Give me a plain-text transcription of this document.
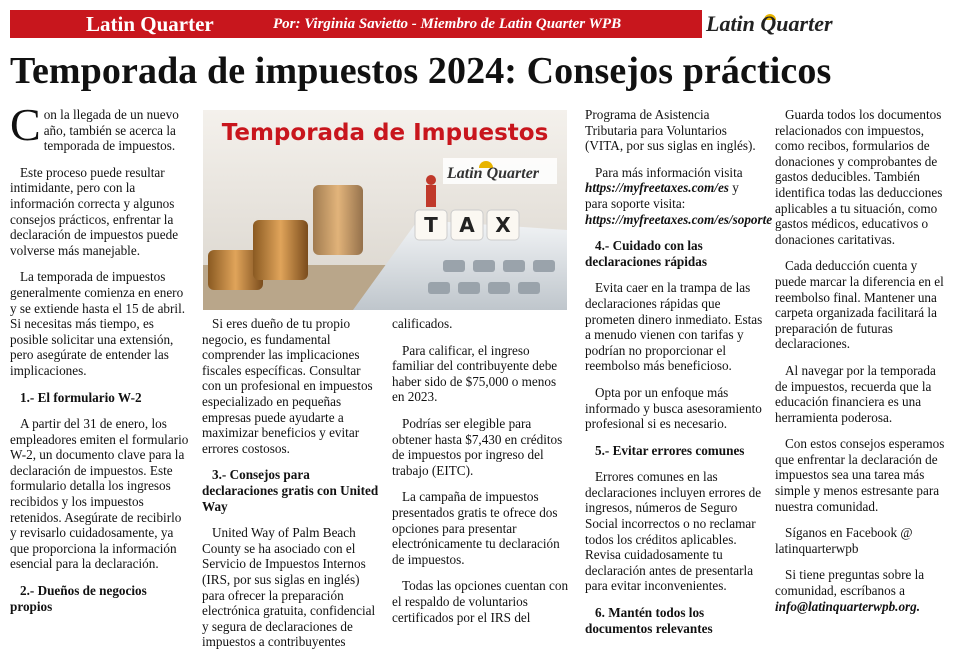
Latin Quarter	Por: Virginia Savietto - Miembro de Latin Quarter WPB	Latin Quarter
Temporada de impuestos 2024: Consejos prácticos

Con la llegada de un nuevo año, también se acerca la temporada de impuestos.

Este proceso puede resultar intimidante, pero con la información correcta y algunos consejos prácticos, enfrentar la declaración de impuestos puede volverse más manejable.

La temporada de impuestos generalmente comienza en enero y se extiende hasta el 15 de abril. Si necesitas más tiempo, es posible solicitar una extensión, pero asegúrate de entender las implicaciones.

1.- El formulario W-2

A partir del 31 de enero, los empleadores emiten el formulario W-2, un documento clave para la declaración de impuestos. Este formulario detalla los ingresos recibidos y los impuestos retenidos. Asegúrate de recibirlo y revisarlo cuidadosamente, ya que proporciona la información esencial para la declaración.

2.- Dueños de negocios propios

T A X
Temporada de Impuestos
Latin Quarter

Si eres dueño de tu propio negocio, es fundamental comprender las implicaciones fiscales específicas. Consultar con un profesional en impuestos especializado en pequeñas empresas puede ayudarte a maximizar beneficios y evitar errores costosos.

3.- Consejos para declaraciones gratis con United Way

United Way of Palm Beach County se ha asociado con el Servicio de Impuestos Internos (IRS, por sus siglas en inglés) para ofrecer la preparación electrónica gratuita, confidencial y segura de declaraciones de impuestos a contribuyentes

calificados.

Para calificar, el ingreso familiar del contribuyente debe haber sido de $75,000 o menos en 2023.

Podrías ser elegible para obtener hasta $7,430 en créditos de impuestos por ingreso del trabajo (EITC).

La campaña de impuestos presentados gratis te ofrece dos opciones para presentar electrónicamente tu declaración de impuestos.

Todas las opciones cuentan con el respaldo de voluntarios certificados por el IRS del

Programa de Asistencia Tributaria para Voluntarios (VITA, por sus siglas en inglés).

Para más información visita https://myfreetaxes.com/es y para soporte visita: https://myfreetaxes.com/es/soporte

4.- Cuidado con las declaraciones rápidas

Evita caer en la trampa de las declaraciones rápidas que prometen dinero inmediato. Estas a menudo vienen con tarifas y podrían no proporcionar el reembolso más beneficioso.

Opta por un enfoque más informado y busca asesoramiento profesional si es necesario.

5.- Evitar errores comunes

Errores comunes en las declaraciones incluyen errores de ingresos, números de Seguro Social incorrectos o no reclamar todos los créditos aplicables. Revisa cuidadosamente tu declaración antes de presentarla para evitar inconvenientes.

6. Mantén todos los documentos relevantes

Guarda todos los documentos relacionados con impuestos, como recibos, formularios de donaciones y comprobantes de gastos deducibles. También identifica todas las deducciones aplicables a tu situación, como gastos médicos, educativos o donaciones caritativas.

Cada deducción cuenta y puede marcar la diferencia en el reembolso final. Mantener una carpeta organizada facilitará la preparación de futuras declaraciones.

Al navegar por la temporada de impuestos, recuerda que la educación financiera es una herramienta poderosa.

Con estos consejos esperamos que enfrentar la declaración de impuestos sea una tarea más simple y menos estresante para nuestra comunidad.

Síganos en Facebook @ latinquarterwpb

Si tiene preguntas sobre la comunidad, escríbanos a info@latinquarterwpb.org.
